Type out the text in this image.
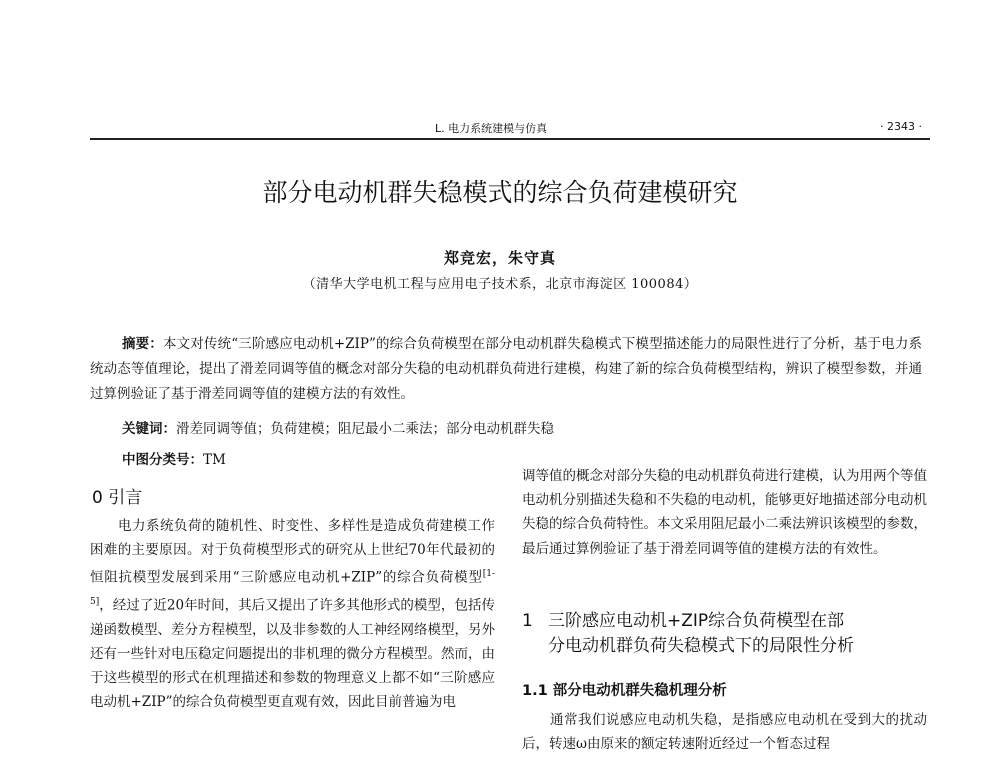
L. 电力系统建模与仿真	· 2343 ·
部分电动机群失稳模式的综合负荷建模研究
郑竞宏，朱守真
（清华大学电机工程与应用电子技术系，北京市海淀区 100084）
摘要：本文对传统“三阶感应电动机+ZIP”的综合负荷模型在部分电动机群失稳模式下模型描述能力的局限性进行了分析，基于电力系统动态等值理论，提出了滑差同调等值的概念对部分失稳的电动机群负荷进行建模，构建了新的综合负荷模型结构，辨识了模型参数，并通过算例验证了基于滑差同调等值的建模方法的有效性。
关键词：滑差同调等值；负荷建模；阻尼最小二乘法；部分电动机群失稳
中图分类号：TM
0 引言
电力系统负荷的随机性、时变性、多样性是造成负荷建模工作困难的主要原因。对于负荷模型形式的研究从上世纪70年代最初的恒阻抗模型发展到采用“三阶感应电动机+ZIP”的综合负荷模型[1-5]，经过了近20年时间，其后又提出了许多其他形式的模型，包括传递函数模型、差分方程模型，以及非参数的人工神经网络模型，另外还有一些针对电压稳定问题提出的非机理的微分方程模型。然而，由于这些模型的形式在机理描述和参数的物理意义上都不如“三阶感应电动机+ZIP”的综合负荷模型更直观有效，因此目前普遍为电
调等值的概念对部分失稳的电动机群负荷进行建模，认为用两个等值电动机分别描述失稳和不失稳的电动机，能够更好地描述部分电动机失稳的综合负荷特性。本文采用阻尼最小二乘法辨识该模型的参数，最后通过算例验证了基于滑差同调等值的建模方法的有效性。
1 三阶感应电动机+ZIP综合负荷模型在部
分电动机群负荷失稳模式下的局限性分析
1.1 部分电动机群失稳机理分析
通常我们说感应电动机失稳，是指感应电动机在受到大的扰动后，转速ω由原来的额定转速附近经过一个暂态过程
